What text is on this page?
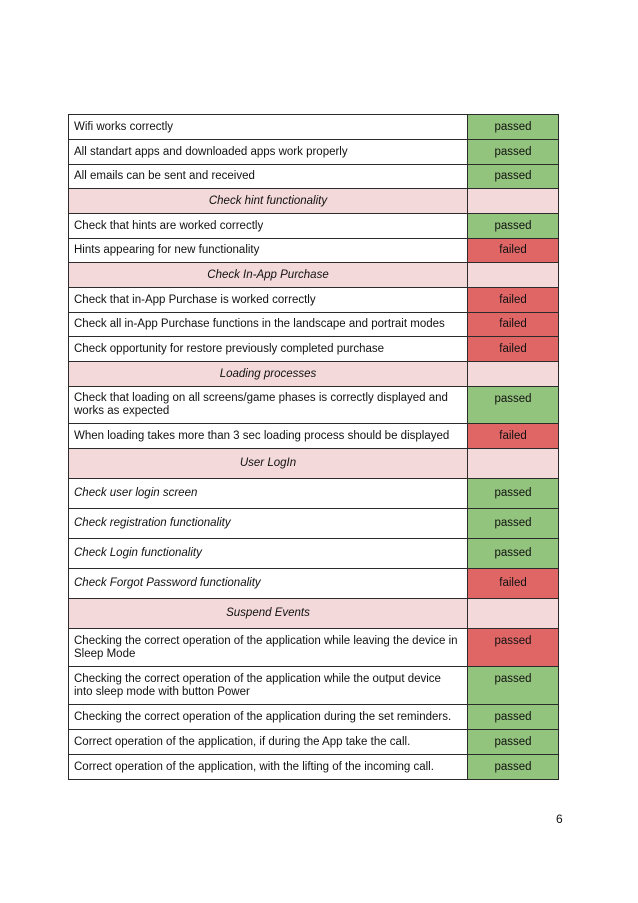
Wifi works correctly	passed
All standart apps and downloaded apps work properly	passed
All emails can be sent and received	passed
Check hint functionality	
Check that hints are worked correctly	passed
Hints appearing for new functionality	failed
Check In-App Purchase	
Check that in-App Purchase is worked correctly	failed
Check all in-App Purchase functions in the landscape and portrait modes	failed
Check opportunity for restore previously completed purchase	failed
Loading processes	
Check that loading on all screens/game phases is correctly displayed and works as expected	passed
When loading takes more than 3 sec loading process should be displayed	failed
User LogIn	
Check user login screen	passed
Check registration functionality	passed
Check Login functionality	passed
Check Forgot Password functionality	failed
Suspend Events	
Checking the correct operation of the application while leaving the device in Sleep Mode	passed
Checking the correct operation of the application while the output device into sleep mode with button Power	passed
Checking the correct operation of the application during the set reminders.	passed
Correct operation of the application, if during the App take the call.	passed
Correct operation of the application, with the lifting of the incoming call.	passed
6
